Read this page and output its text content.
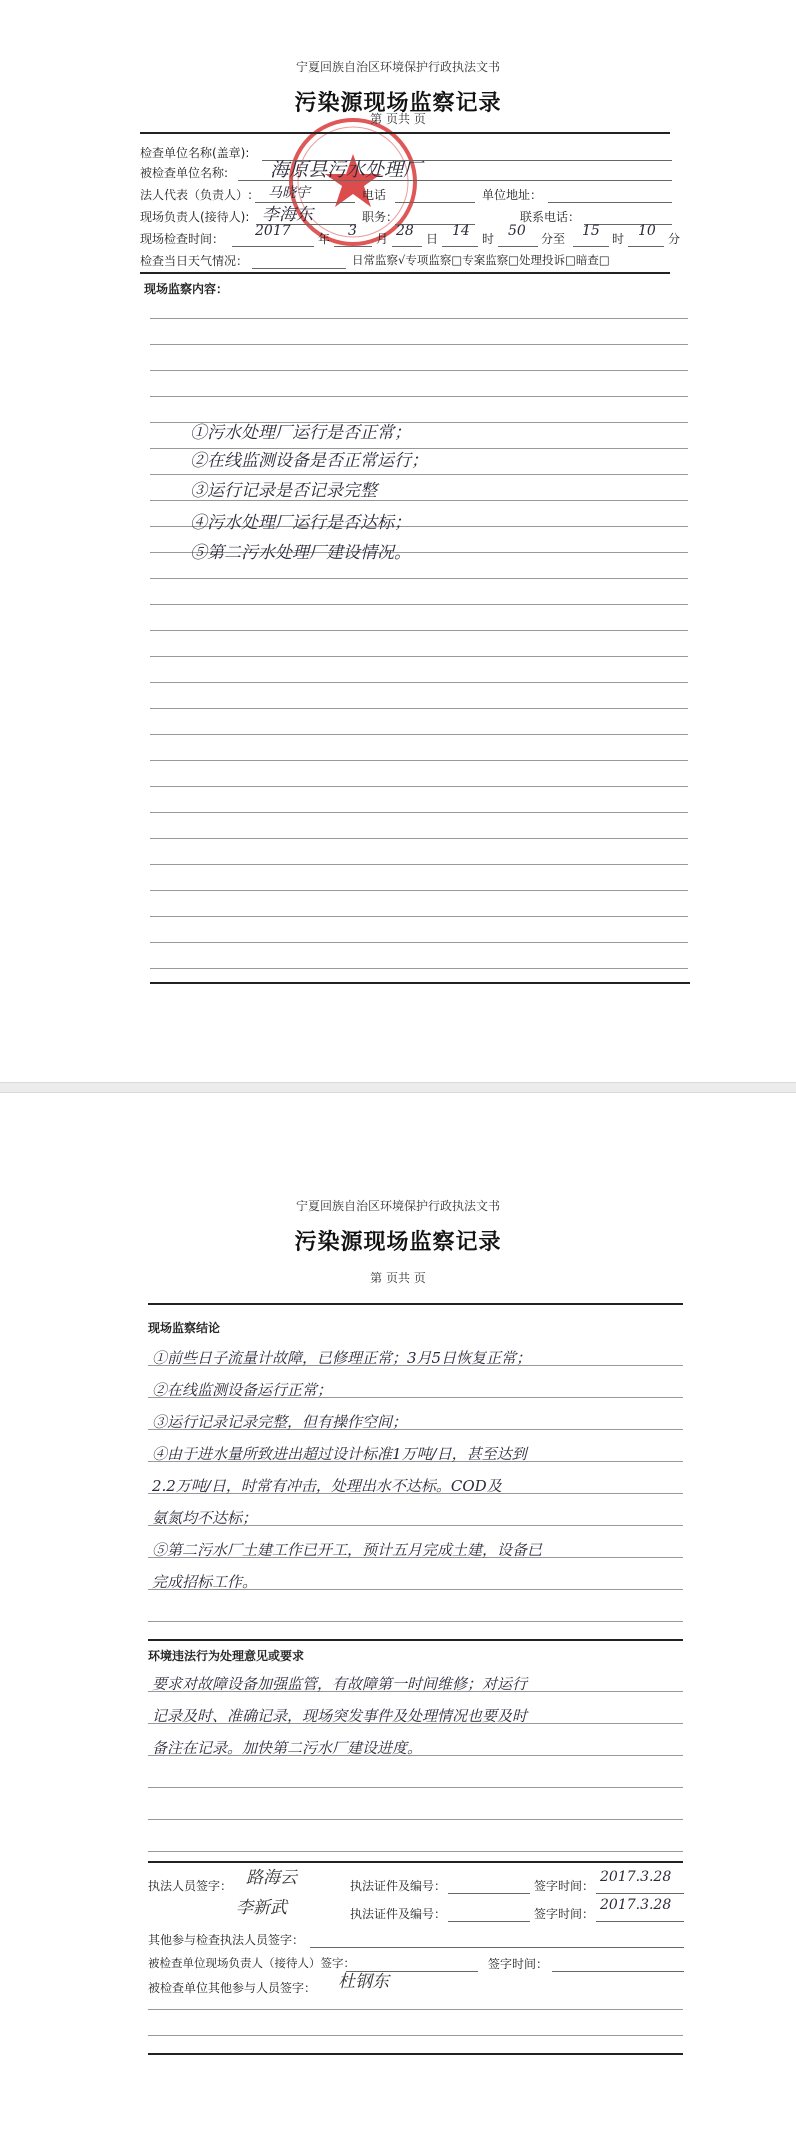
宁夏回族自治区环境保护行政执法文书
污染源现场监察记录
第 页共 页
检查单位名称(盖章):
被检查单位名称: 海原县污水处理厂
法人代表（负责人）: 马晓宇	电话	单位地址：
现场负责人(接待人): 李海东	职务：	联系电话：
现场检查时间： 2017 年 3 月 28 日 14 时 50 分至 15 时 10 分
检查当日天气情况：	日常监察√专项监察□专案监察□处理投诉□暗查□
现场监察内容：
①污水处理厂运行是否正常；
②在线监测设备是否正常运行；
③运行记录是否记录完整
④污水处理厂运行是否达标；
⑤第二污水处理厂建设情况。
宁夏回族自治区环境保护行政执法文书
污染源现场监察记录
第 页共 页
现场监察结论
①前些日子流量计故障，已修理正常；3月5日恢复正常；
②在线监测设备运行正常；
③运行记录记录完整，但有操作空间；
④由于进水量所致进出超过设计标准1万吨/日，甚至达到
2.2万吨/日，时常有冲击，处理出水不达标。COD及
氨氮均不达标；
⑤第二污水厂土建工作已开工，预计五月完成土建，设备已
完成招标工作。
环境违法行为处理意见或要求
要求对故障设备加强监管，有故障第一时间维修；对运行
记录及时、准确记录，现场突发事件及处理情况也要及时
备注在记录。加快第二污水厂建设进度。
执法人员签字： 路海云	执法证件及编号：	签字时间：
2017.3.28
李新武	执法证件及编号：	签字时间：
2017.3.28
其他参与检查执法人员签字：
被检查单位现场负责人（接待人）签字：	签字时间：
被检查单位其他参与人员签字： 杜钢东
